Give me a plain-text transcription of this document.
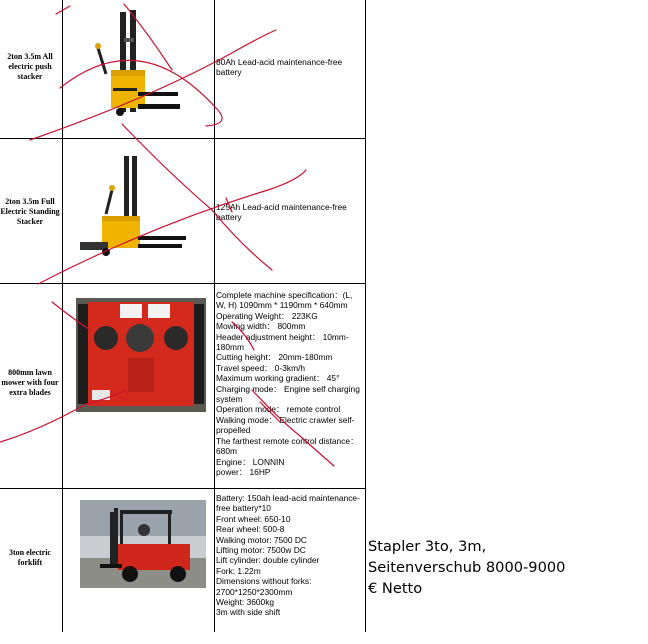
2ton 3.5m All electric push stacker
80Ah Lead-acid maintenance-free battery
2ton 3.5m Full Electric Standing Stacker
125Ah Lead-acid maintenance-free battery
800mm lawn mower with four extra blades
Complete machine specification：(L, W, H) 1090mm * 1190mm * 640mm
Operating Weight： 223KG
Mowing width： 800mm
Header adjustment height： 10mm-180mm
Cutting height： 20mm-180mm
Travel speed： 0-3km/h
Maximum working gradient： 45°
Charging mode： Engine self charging system
Operation mode： remote control
Walking mode： Electric crawler self-propelled
The farthest remote control distance： 680m
Engine： LONNIN
power： 16HP
3ton electric forklift
Battery: 150ah lead-acid maintenance-free battery*10
Front wheel: 650-10
Rear wheel: 500-8
Walking motor: 7500 DC
Lifting motor: 7500w DC
Lift cylinder: double cylinder
Fork: 1.22m
Dimensions without forks: 2700*1250*2300mm
Weight: 3600kg
3m with side shift
Stapler 3to, 3m,
Seitenverschub 8000-9000
€ Netto
